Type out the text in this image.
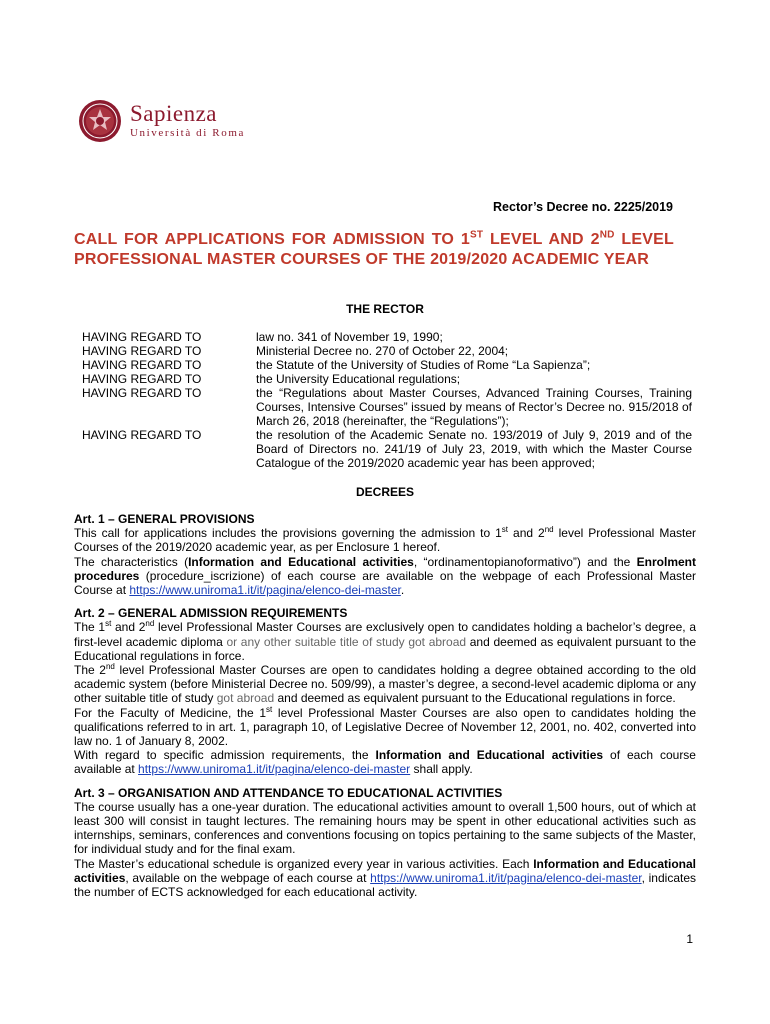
Sapienza
Università di Roma
Rector’s Decree no. 2225/2019
CALL FOR APPLICATIONS FOR ADMISSION TO 1ST LEVEL AND 2ND LEVEL PROFESSIONAL MASTER COURSES OF THE 2019/2020 ACADEMIC YEAR
THE RECTOR
HAVING REGARD TO	law no. 341 of November 19, 1990;
HAVING REGARD TO	Ministerial Decree no. 270 of October 22, 2004;
HAVING REGARD TO	the Statute of the University of Studies of Rome “La Sapienza”;
HAVING REGARD TO	the University Educational regulations;
HAVING REGARD TO	the “Regulations about Master Courses, Advanced Training Courses, Training Courses, Intensive Courses” issued by means of Rector’s Decree no. 915/2018 of March 26, 2018 (hereinafter, the “Regulations”);
HAVING REGARD TO	the resolution of the Academic Senate no. 193/2019 of July 9, 2019 and of the Board of Directors no. 241/19 of July 23, 2019, with which the Master Course Catalogue of the 2019/2020 academic year has been approved;
DECREES

Art. 1 – GENERAL PROVISIONS

This call for applications includes the provisions governing the admission to 1st and 2nd level Professional Master Courses of the 2019/2020 academic year, as per Enclosure 1 hereof.

The characteristics (Information and Educational activities, “ordinamentopianoformativo”) and the Enrolment procedures (procedure_iscrizione) of each course are available on the webpage of each Professional Master Course at https://www.uniroma1.it/it/pagina/elenco-dei-master.

Art. 2 – GENERAL ADMISSION REQUIREMENTS

The 1st and 2nd level Professional Master Courses are exclusively open to candidates holding a bachelor’s degree, a first-level academic diploma or any other suitable title of study got abroad and deemed as equivalent pursuant to the Educational regulations in force.

The 2nd level Professional Master Courses are open to candidates holding a degree obtained according to the old academic system (before Ministerial Decree no. 509/99), a master’s degree, a second-level academic diploma or any other suitable title of study got abroad and deemed as equivalent pursuant to the Educational regulations in force.

For the Faculty of Medicine, the 1st level Professional Master Courses are also open to candidates holding the qualifications referred to in art. 1, paragraph 10, of Legislative Decree of November 12, 2001, no. 402, converted into law no. 1 of January 8, 2002.

With regard to specific admission requirements, the Information and Educational activities of each course available at https://www.uniroma1.it/it/pagina/elenco-dei-master shall apply.

Art. 3 – ORGANISATION AND ATTENDANCE TO EDUCATIONAL ACTIVITIES

The course usually has a one-year duration. The educational activities amount to overall 1,500 hours, out of which at least 300 will consist in taught lectures. The remaining hours may be spent in other educational activities such as internships, seminars, conferences and conventions focusing on topics pertaining to the same subjects of the Master, for individual study and for the final exam.

The Master’s educational schedule is organized every year in various activities. Each Information and Educational activities, available on the webpage of each course at https://www.uniroma1.it/it/pagina/elenco-dei-master, indicates the number of ECTS acknowledged for each educational activity.

1
